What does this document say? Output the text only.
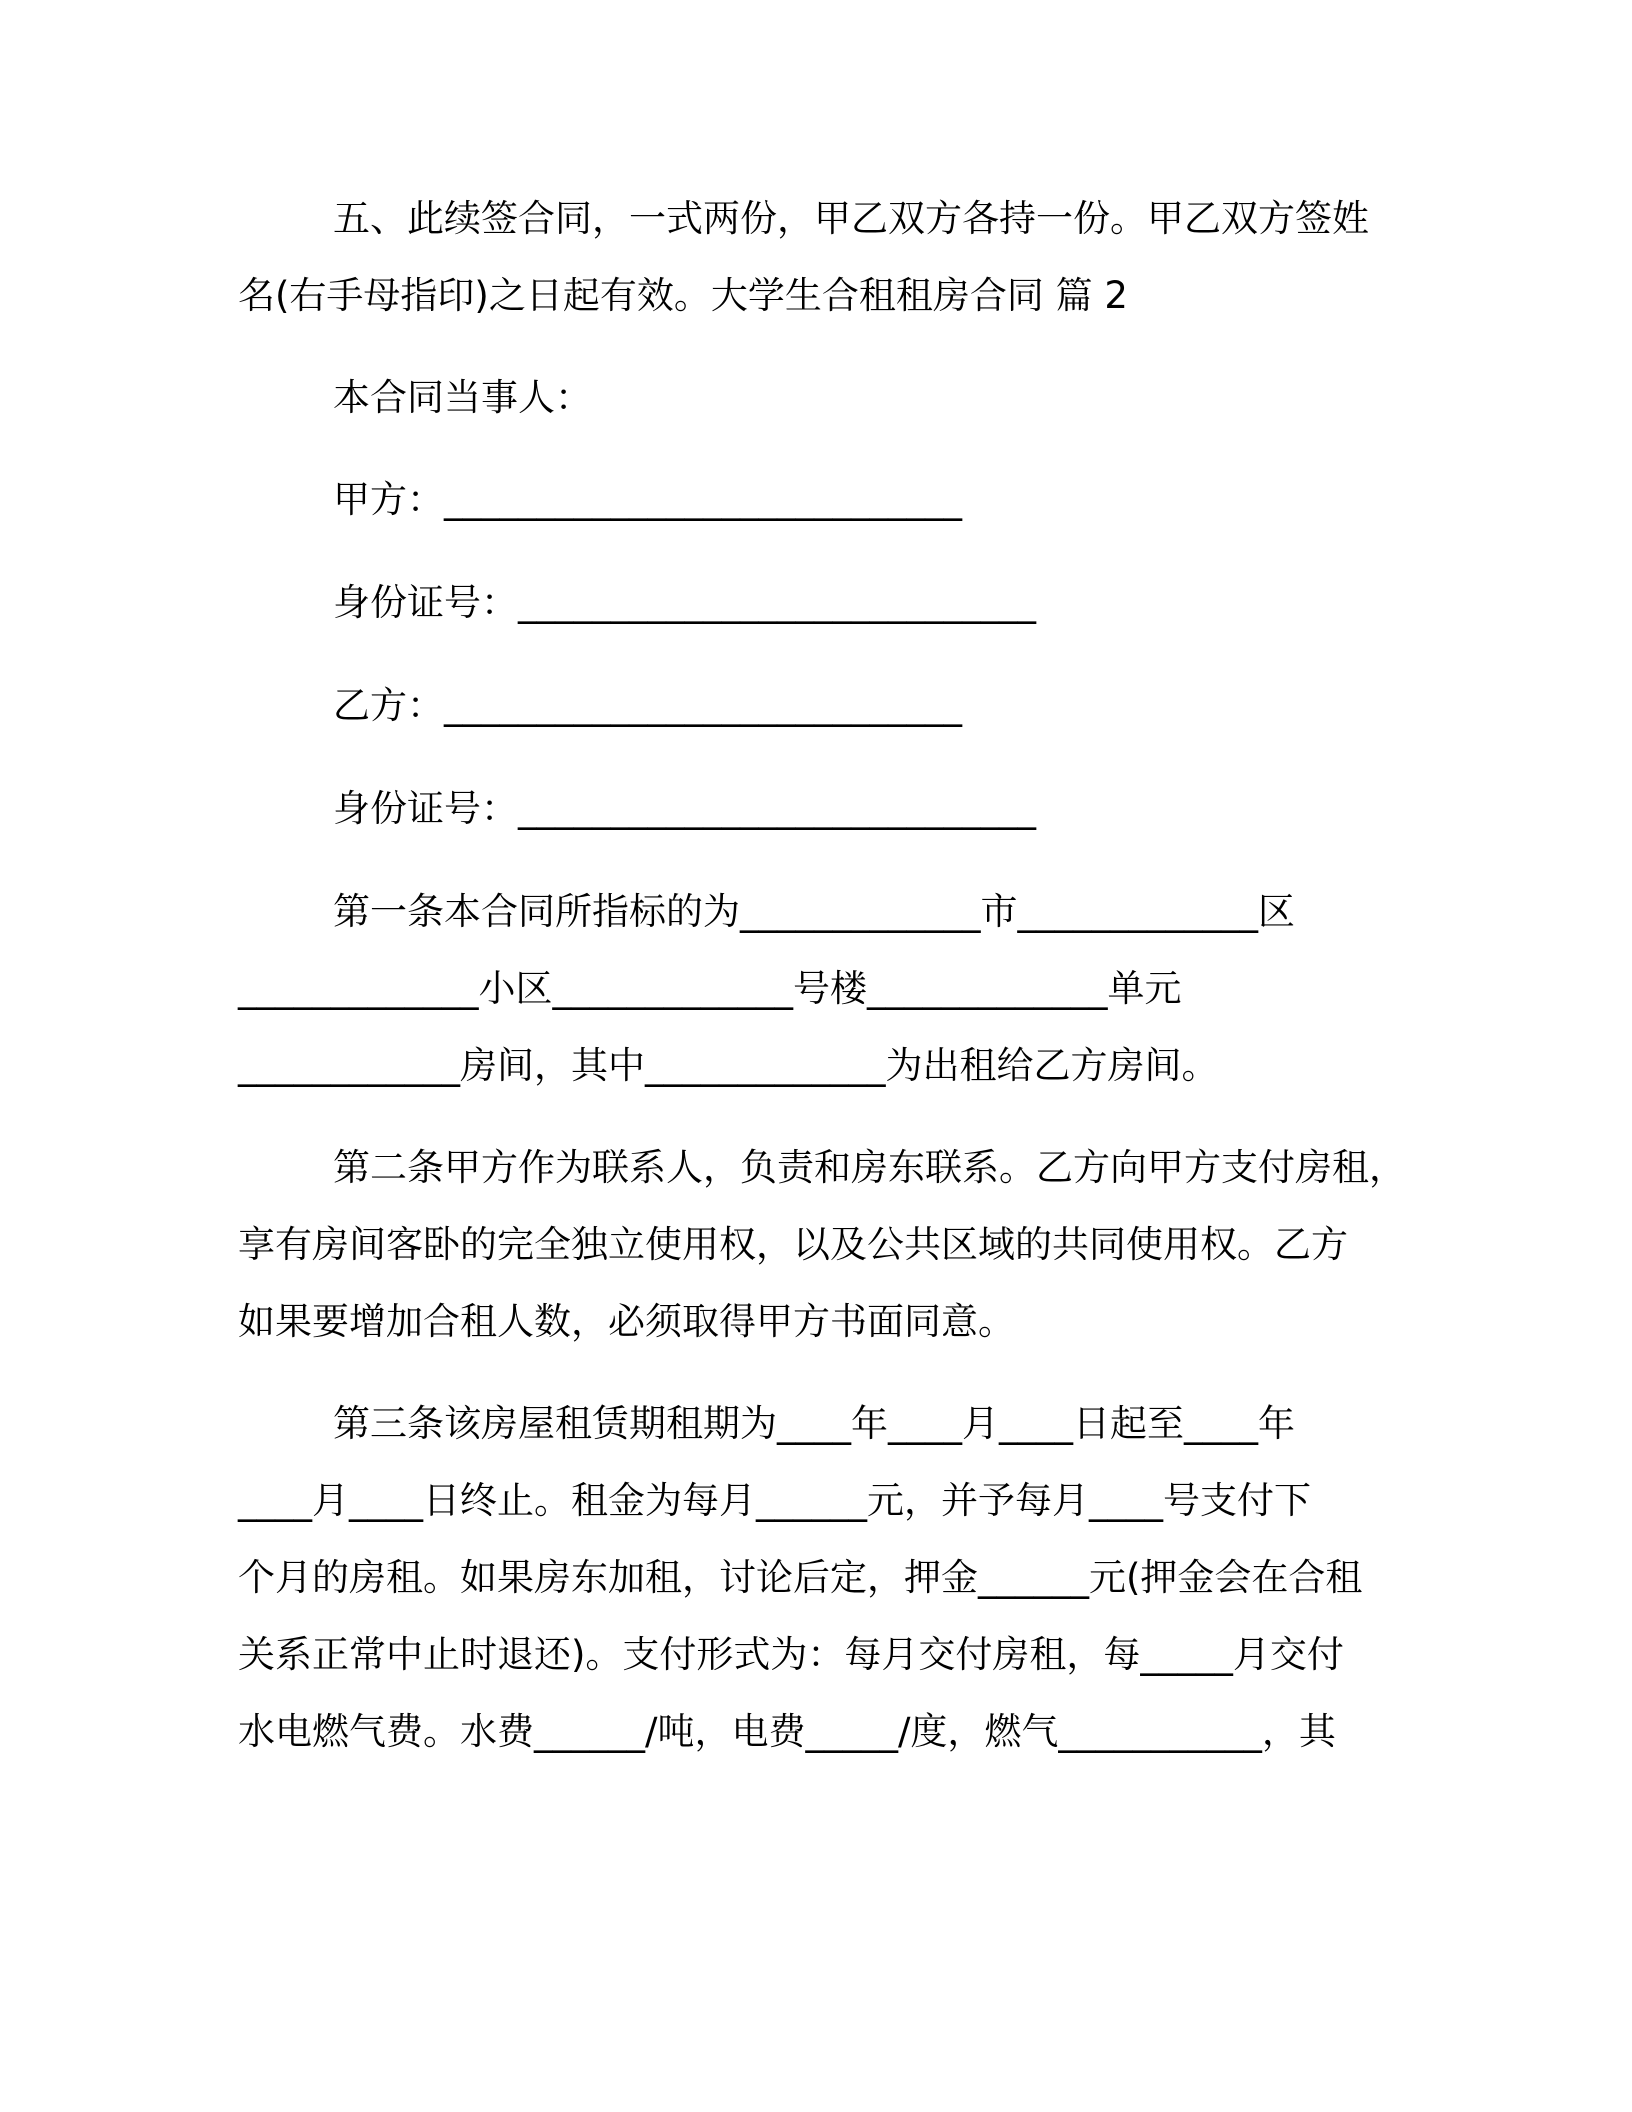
五、此续签合同，一式两份，甲乙双方各持一份。甲乙双方签姓
名(右手母指印)之日起有效。大学生合租租房合同 篇 2
本合同当事人：
甲方：____________________________
身份证号：____________________________
乙方：____________________________
身份证号：____________________________
第一条本合同所指标的为_____________市_____________区
_____________小区_____________号楼_____________单元
____________房间，其中_____________为出租给乙方房间。
第二条甲方作为联系人，负责和房东联系。乙方向甲方支付房租，
享有房间客卧的完全独立使用权，以及公共区域的共同使用权。乙方
如果要增加合租人数，必须取得甲方书面同意。
第三条该房屋租赁期租期为____年____月____日起至____年
____月____日终止。租金为每月______元，并予每月____号支付下
个月的房租。如果房东加租，讨论后定，押金______元(押金会在合租
关系正常中止时退还)。支付形式为：每月交付房租，每_____月交付
水电燃气费。水费______/吨，电费_____/度，燃气___________，其
